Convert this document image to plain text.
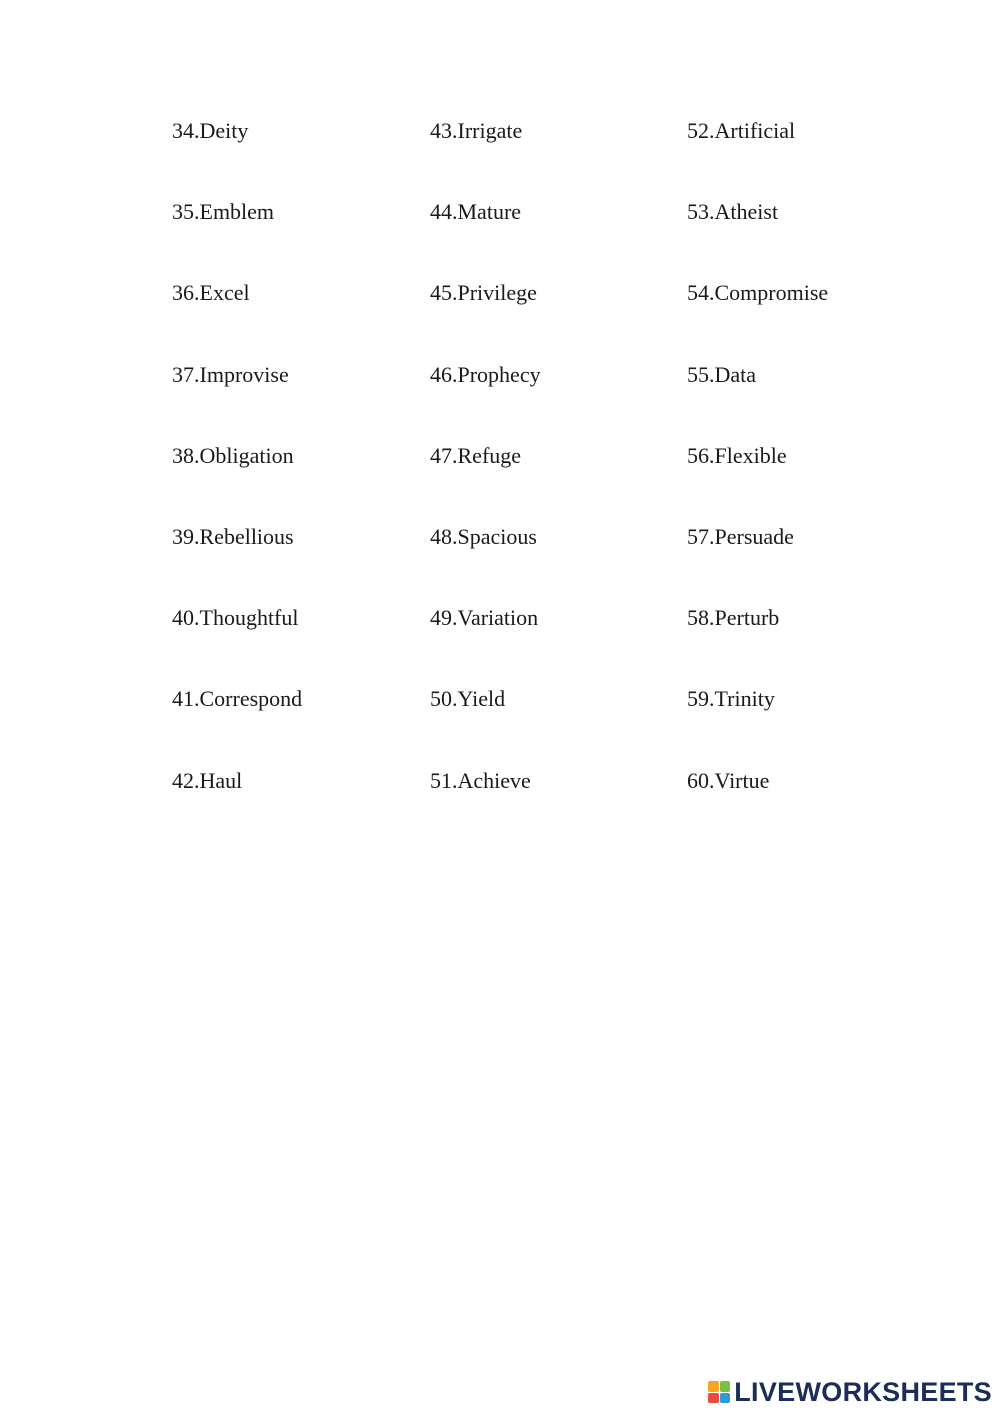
34.Deity	43.Irrigate	52.Artificial
35.Emblem	44.Mature	53.Atheist
36.Excel	45.Privilege	54.Compromise
37.Improvise	46.Prophecy	55.Data
38.Obligation	47.Refuge	56.Flexible
39.Rebellious	48.Spacious	57.Persuade
40.Thoughtful	49.Variation	58.Perturb
41.Correspond	50.Yield	59.Trinity
42.Haul	51.Achieve	60.Virtue
LIVEWORKSHEETS
